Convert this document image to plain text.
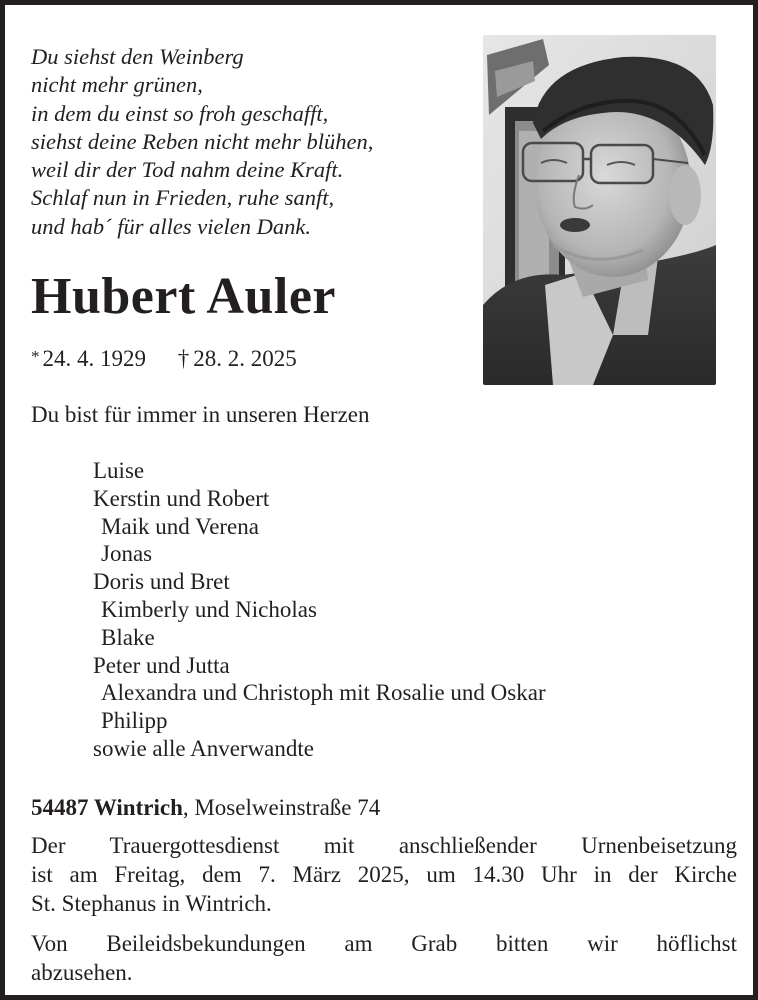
Du siehst den Weinberg
nicht mehr grünen,
in dem du einst so froh geschafft,
siehst deine Reben nicht mehr blühen,
weil dir der Tod nahm deine Kraft.
Schlaf nun in Frieden, ruhe sanft,
und hab´ für alles vielen Dank.
Hubert Auler
* 24. 4. 1929 † 28. 2. 2025
Du bist für immer in unseren Herzen
Luise
Kerstin und Robert
Maik und Verena
Jonas
Doris und Bret
Kimberly und Nicholas
Blake
Peter und Jutta
Alexandra und Christoph mit Rosalie und Oskar
Philipp
sowie alle Anverwandte
54487 Wintrich, Moselweinstraße 74
Der Trauergottesdienst mit anschließender Urnenbeisetzung
ist am Freitag, dem 7. März 2025, um 14.30 Uhr in der Kirche
St. Stephanus in Wintrich.
Von Beileidsbekundungen am Grab bitten wir höflichst
abzusehen.
